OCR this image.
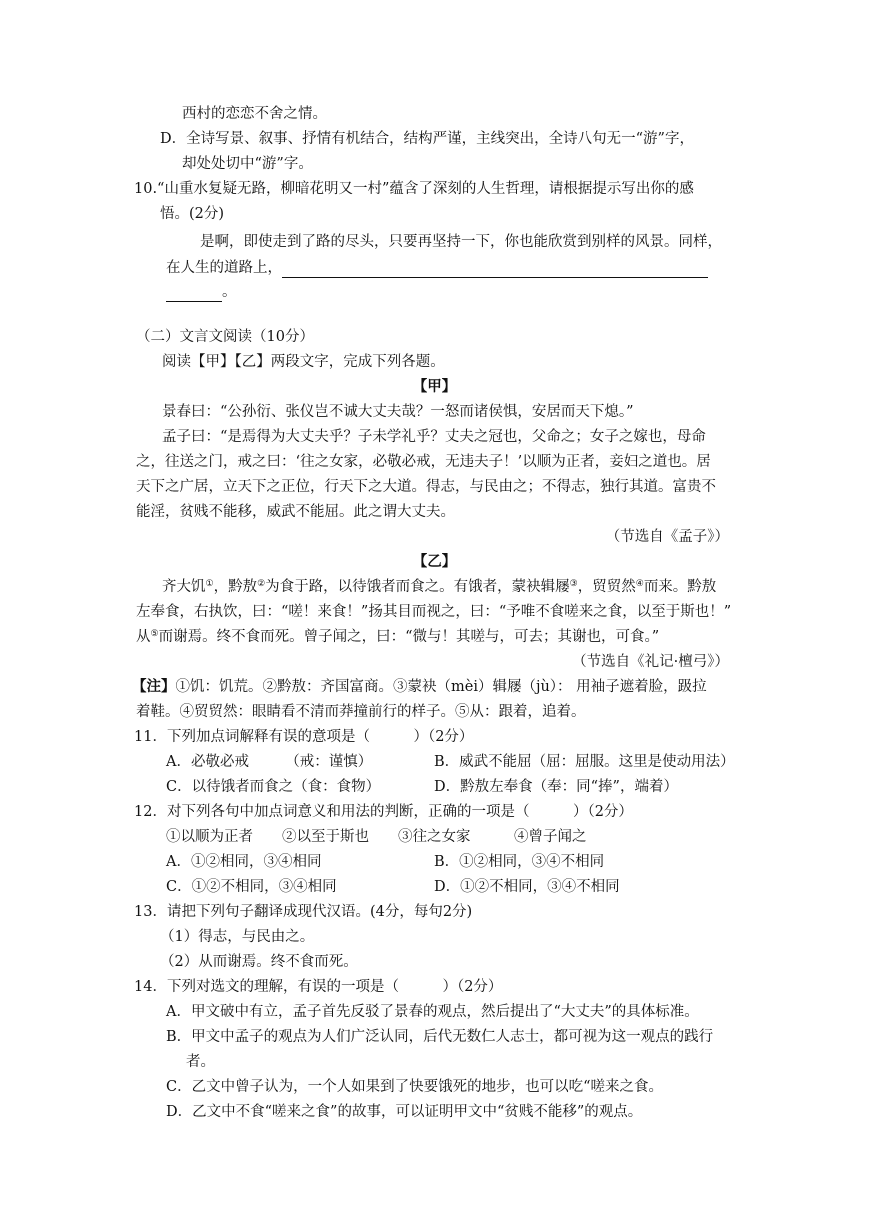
西村的恋恋不舍之情。
D．全诗写景、叙事、抒情有机结合，结构严谨，主线突出，全诗八句无一“游”字，
却处处切中“游”字。
10.“山重水复疑无路，柳暗花明又一村”蕴含了深刻的人生哲理，请根据提示写出你的感
悟。(2分)
是啊，即使走到了路的尽头，只要再坚持一下，你也能欣赏到别样的风景。同样，
在人生的道路上，
。
（二）文言文阅读（10分）
阅读【甲】【乙】两段文字，完成下列各题。
【甲】
景春曰：“公孙衍、张仪岂不诚大丈夫哉？一怒而诸侯惧，安居而天下熄。”
孟子曰：“是焉得为大丈夫乎？子未学礼乎？丈夫之冠也，父命之；女子之嫁也，母命
之，往送之门，戒之曰：‘往之女家，必敬必戒，无违夫子！’以顺为正者，妾妇之道也。居
天下之广居，立天下之正位，行天下之大道。得志，与民由之；不得志，独行其道。富贵不
能淫，贫贱不能移，威武不能屈。此之谓大丈夫。
（节选自《孟子》）
【乙】
齐大饥①，黔敖②为食于路，以待饿者而食之。有饿者，蒙袂辑屦③，贸贸然④而来。黔敖
左奉食，右执饮，曰：“嗟！来食！”扬其目而视之，曰：“予唯不食嗟来之食，以至于斯也！”
从⑤而谢焉。终不食而死。曾子闻之，曰：“微与！其嗟与，可去；其谢也，可食。”
（节选自《礼记·檀弓》）
【注】①饥：饥荒。②黔敖：齐国富商。③蒙袂（mèi）辑屦（jù）： 用袖子遮着脸，趿拉
着鞋。④贸贸然：眼睛看不清而莽撞前行的样子。⑤从：跟着，追着。
11．下列加点词解释有误的意项是（　　　）（2分）
A．必敬必戒　　　（戒：谨慎）	B．威武不能屈（屈：屈服。这里是使动用法）
C．以待饿者而食之（食：食物）	D．黔敖左奉食（奉：同“捧”，端着）
12．对下列各句中加点词意义和用法的判断，正确的一项是（　　　）（2分）
①以顺为正者　　②以至于斯也　　③往之女家　　　④曾子闻之
A．①②相同，③④相同	B．①②相同，③④不相同
C．①②不相同，③④相同	D．①②不相同，③④不相同
13．请把下列句子翻译成现代汉语。(4分，每句2分)
（1）得志，与民由之。
（2）从而谢焉。终不食而死。
14．下列对选文的理解，有误的一项是（　　　）（2分）
A．甲文破中有立，孟子首先反驳了景春的观点，然后提出了“大丈夫”的具体标准。
B．甲文中孟子的观点为人们广泛认同，后代无数仁人志士，都可视为这一观点的践行
者。
C．乙文中曾子认为，一个人如果到了快要饿死的地步，也可以吃“嗟来之食。
D．乙文中不食“嗟来之食”的故事，可以证明甲文中“贫贱不能移”的观点。
